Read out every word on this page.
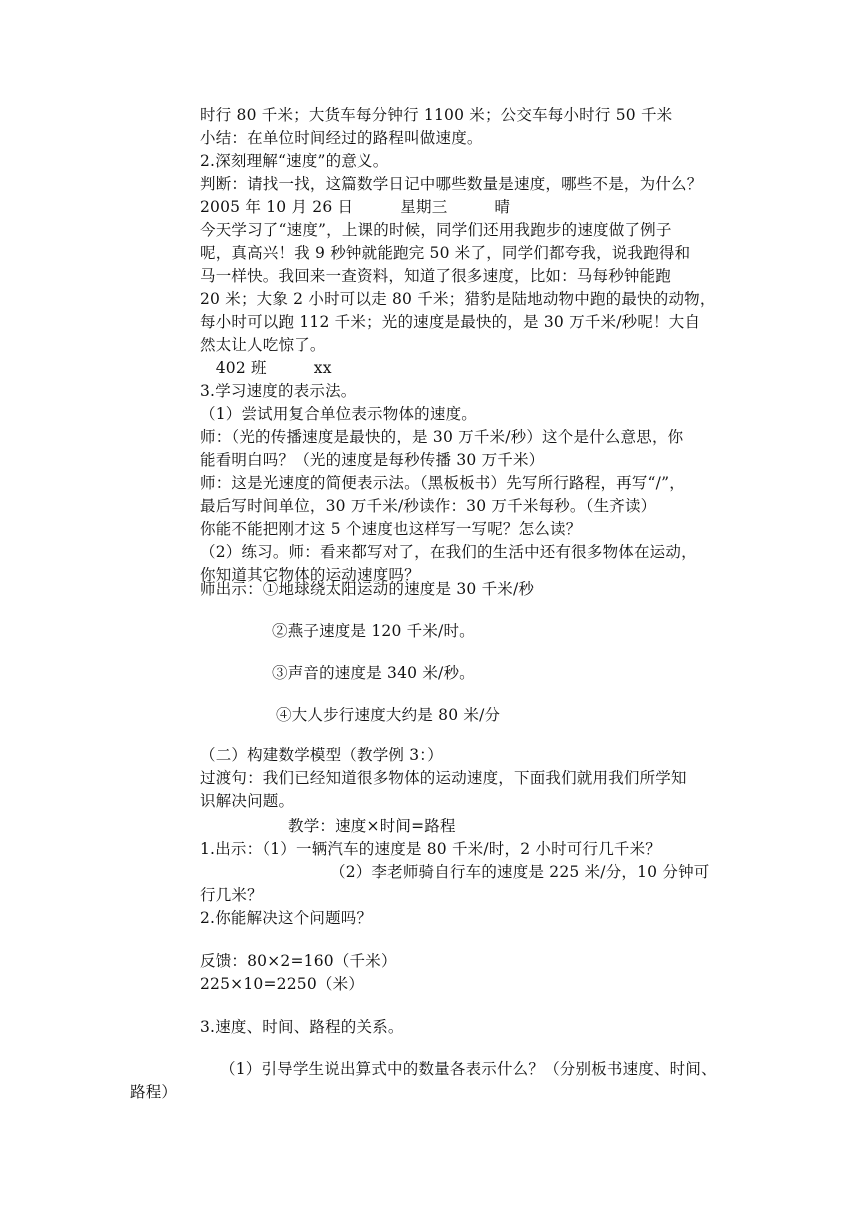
时行 80 千米；大货车每分钟行 1100 米；公交车每小时行 50 千米
小结：在单位时间经过的路程叫做速度。
2.深刻理解“速度”的意义。
判断：请找一找，这篇数学日记中哪些数量是速度，哪些不是，为什么？
2005 年 10 月 26 日　　　星期三　　　晴
今天学习了“速度”，上课的时候，同学们还用我跑步的速度做了例子
呢，真高兴！我 9 秒钟就能跑完 50 米了，同学们都夸我，说我跑得和
马一样快。我回来一查资料，知道了很多速度，比如：马每秒钟能跑
20 米；大象 2 小时可以走 80 千米；猎豹是陆地动物中跑的最快的动物，
每小时可以跑 112 千米；光的速度是最快的，是 30 万千米/秒呢！大自
然太让人吃惊了。
　402 班　　　xx
3.学习速度的表示法。
（1）尝试用复合单位表示物体的速度。
师：（光的传播速度是最快的，是 30 万千米/秒）这个是什么意思，你
能看明白吗？（光的速度是每秒传播 30 万千米）
师：这是光速度的简便表示法。（黑板板书）先写所行路程，再写“/”，
最后写时间单位，30 万千米/秒读作：30 万千米每秒。（生齐读）
你能不能把刚才这 5 个速度也这样写一写呢？怎么读？
（2）练习。师：看来都写对了，在我们的生活中还有很多物体在运动，
你知道其它物体的运动速度吗？
师出示：①地球绕太阳运动的速度是 30 千米/秒
②燕子速度是 120 千米/时。
③声音的速度是 340 米/秒。
④大人步行速度大约是 80 米/分
（二）构建数学模型（教学例 3：）
过渡句：我们已经知道很多物体的运动速度，下面我们就用我们所学知
识解决问题。
教学：速度×时间=路程
1.出示：（1）一辆汽车的速度是 80 千米/时，2 小时可行几千米？
（2）李老师骑自行车的速度是 225 米/分，10 分钟可
行几米？
2.你能解决这个问题吗？
反馈：80×2=160（千米）
225×10=2250（米）
3.速度、时间、路程的关系。
（1）引导学生说出算式中的数量各表示什么？（分别板书速度、时间、
路程）
